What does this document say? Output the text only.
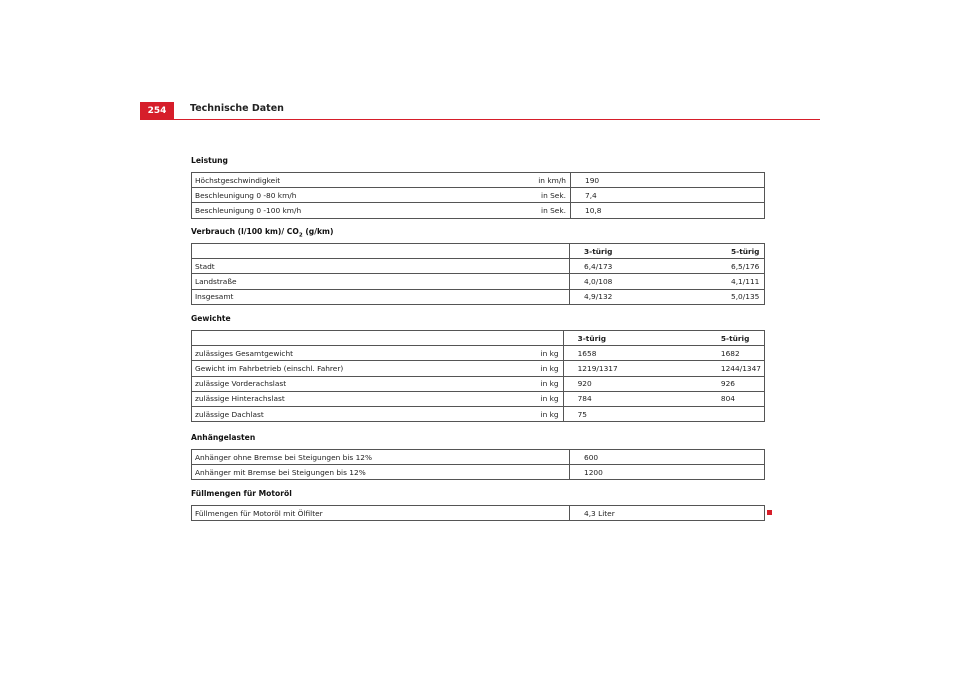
254	Technische Daten
Leistung
Höchstgeschwindigkeit	in km/h	190	
Beschleunigung 0 -80 km/h	in Sek.	7,4	
Beschleunigung 0 -100 km/h	in Sek.	10,8	
Verbrauch (l/100 km)/ $CO_2$ (g/km)
		3-türig	5-türig
Stadt		6,4/173	6,5/176
Landstraße		4,0/108	4,1/111
Insgesamt		4,9/132	5,0/135
Gewichte
		3-türig	5-türig
zulässiges Gesamtgewicht	in kg	1658	1682
Gewicht im Fahrbetrieb (einschl. Fahrer)	in kg	1219/1317	1244/1347
zulässige Vorderachslast	in kg	920	926
zulässige Hinterachslast	in kg	784	804
zulässige Dachlast	in kg	75	
Anhängelasten
Anhänger ohne Bremse bei Steigungen bis 12%		600	
Anhänger mit Bremse bei Steigungen bis 12%		1200	
Füllmengen für Motoröl
Füllmengen für Motoröl mit Ölfilter		4,3 Liter	
